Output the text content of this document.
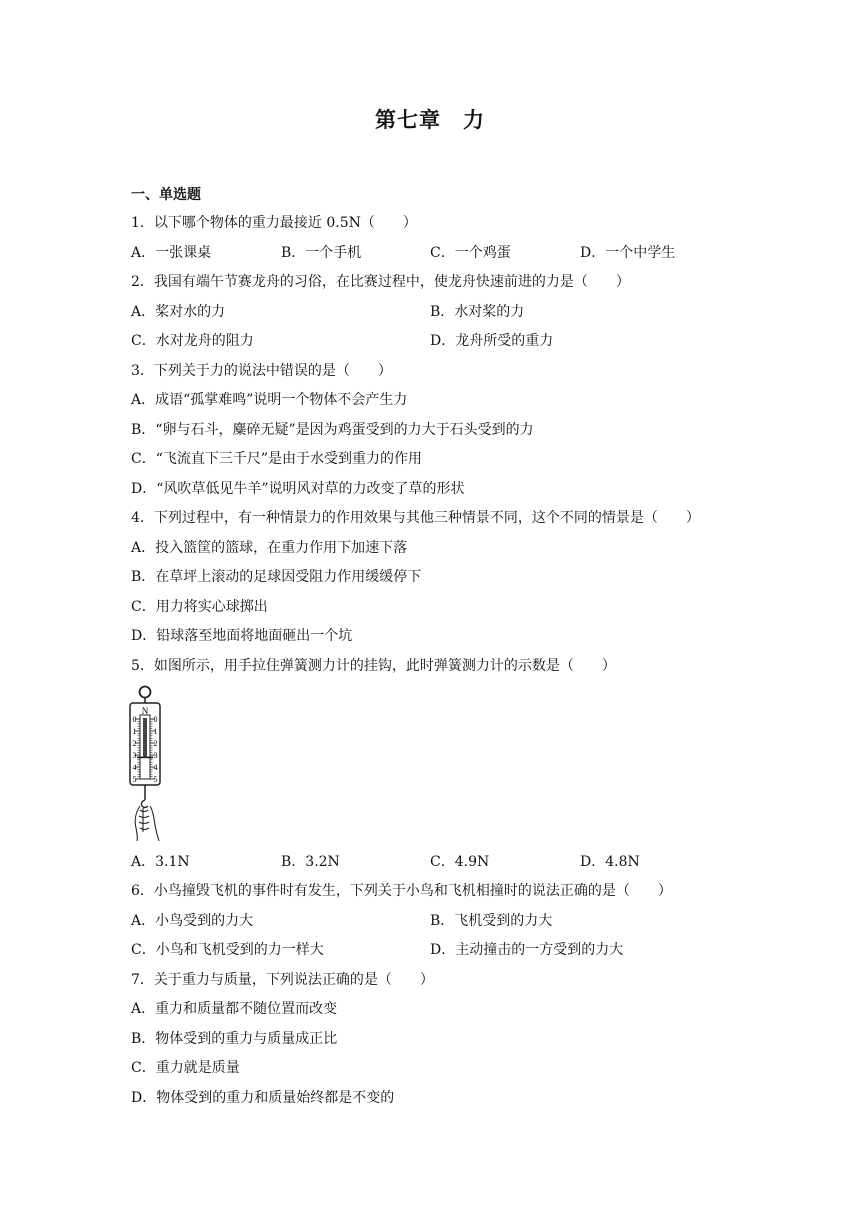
第七章　力
一、单选题
1．以下哪个物体的重力最接近 0.5N（　　）
A．一张课桌	B．一个手机	C．一个鸡蛋	D．一个中学生
2．我国有端午节赛龙舟的习俗，在比赛过程中，使龙舟快速前进的力是（　　）
A．桨对水的力	B．水对桨的力
C．水对龙舟的阻力	D．龙舟所受的重力
3．下列关于力的说法中错误的是（　　）
A．成语“孤掌难鸣”说明一个物体不会产生力
B．“卵与石斗，麋碎无疑”是因为鸡蛋受到的力大于石头受到的力
C．“飞流直下三千尺”是由于水受到重力的作用
D．“风吹草低见牛羊”说明风对草的力改变了草的形状
4．下列过程中，有一种情景力的作用效果与其他三种情景不同，这个不同的情景是（　　）
A．投入篮筐的篮球，在重力作用下加速下落
B．在草坪上滚动的足球因受阻力作用缓缓停下
C．用力将实心球掷出
D．铅球落至地面将地面砸出一个坑
5．如图所示，用手拉住弹簧测力计的挂钩，此时弹簧测力计的示数是（　　）
0 0
1 1
2 2
3 3
4 4
5 5
N
A．3.1N	B．3.2N	C．4.9N	D．4.8N
6．小鸟撞毁飞机的事件时有发生，下列关于小鸟和飞机相撞时的说法正确的是（　　）
A．小鸟受到的力大	B．飞机受到的力大
C．小鸟和飞机受到的力一样大	D．主动撞击的一方受到的力大
7．关于重力与质量，下列说法正确的是（　　）
A．重力和质量都不随位置而改变
B．物体受到的重力与质量成正比
C．重力就是质量
D．物体受到的重力和质量始终都是不变的
